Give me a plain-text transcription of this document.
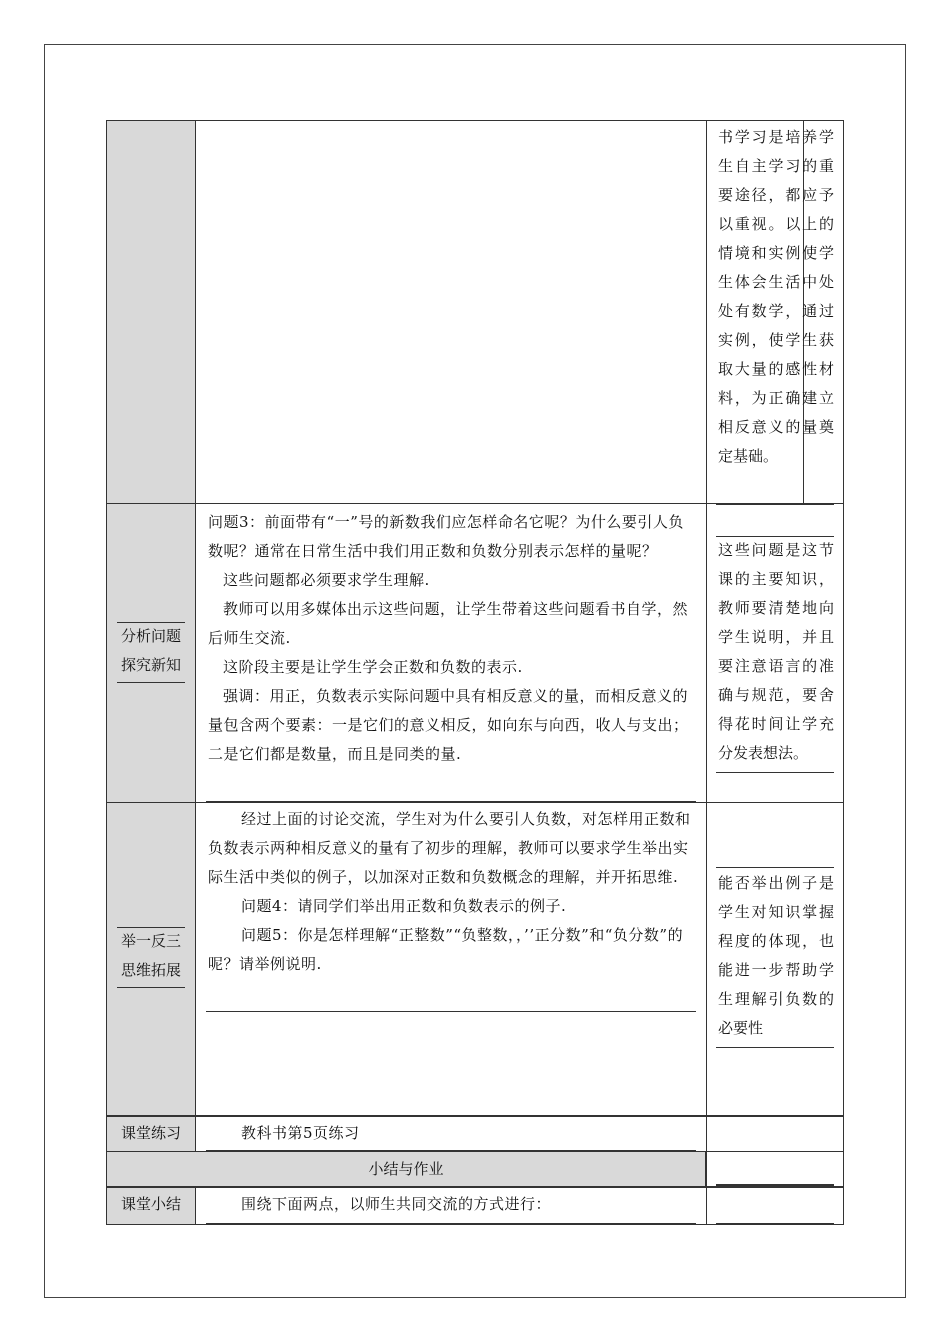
书学习是培养学生自主学习的重要途径，都应予以重视。以上的情境和实例使学生体会生活中处处有数学，通过实例，使学生获取大量的感性材料，为正确建立相反意义的量奠定基础。
分析问题
探究新知
问题3：前面带有“一”号的新数我们应怎样命名它呢？为什么要引人负数呢？通常在日常生活中我们用正数和负数分别表示怎样的量呢？
这些问题都必须要求学生理解.
教师可以用多媒体出示这些问题，让学生带着这些问题看书自学，然后师生交流.
这阶段主要是让学生学会正数和负数的表示.
强调：用正，负数表示实际问题中具有相反意义的量，而相反意义的量包含两个要素：一是它们的意义相反，如向东与向西，收人与支出；二是它们都是数量，而且是同类的量.
这些问题是这节课的主要知识，教师要清楚地向学生说明，并且要注意语言的准确与规范，要舍得花时间让学充分发表想法。
举一反三
思维拓展
经过上面的讨论交流，学生对为什么要引人负数，对怎样用正数和负数表示两种相反意义的量有了初步的理解，教师可以要求学生举出实际生活中类似的例子，以加深对正数和负数概念的理解，并开拓思维.
问题4：请同学们举出用正数和负数表示的例子.
问题5：你是怎样理解“正整数”“负整数，，’’正分数”和“负分数”的呢？请举例说明.
能否举出例子是学生对知识掌握程度的体现，也能进一步帮助学生理解引负数的必要性
课堂练习	教科书第5页练习
小结与作业
课堂小结	围绕下面两点，以师生共同交流的方式进行：
